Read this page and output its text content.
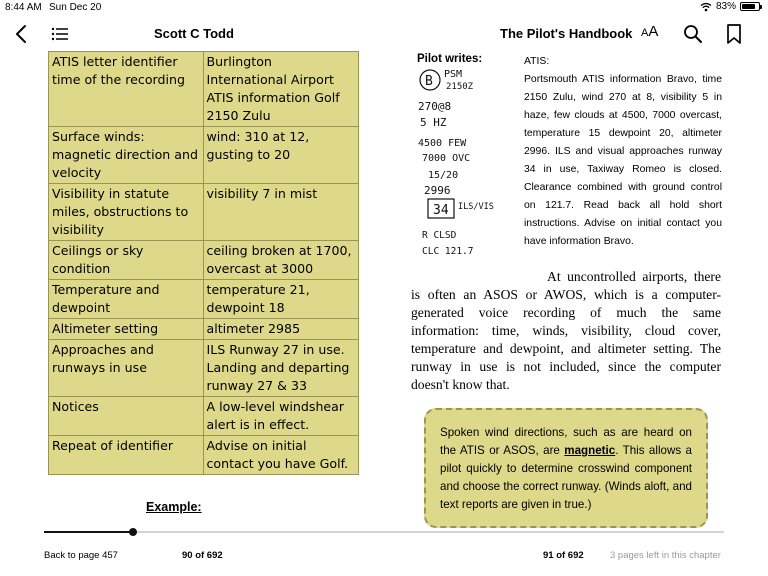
8:44 AM Sun Dec 20	83%
Scott C Todd	The Pilot's Handbook AA
ATIS letter identifier time of the recording	Burlington International Airport
ATIS information Golf
2150 Zulu
Surface winds: magnetic direction and velocity	wind: 310 at 12, gusting to 20
Visibility in statute miles, obstructions to visibility	visibility 7 in mist
Ceilings or sky condition	ceiling broken at 1700, overcast at 3000
Temperature and dewpoint	temperature 21, dewpoint 18
Altimeter setting	altimeter 2985
Approaches and runways in use	ILS Runway 27 in use. Landing and departing runway 27 & 33
Notices	A low-level windshear alert is in effect.
Repeat of identifier	Advise on initial contact you have Golf.
Example:
Pilot writes:
B PSM
2150Z
270@8
5 HZ
4500 FEW
7000 OVC
15/20
2996
34 ILS/VIS
R CLSD
CLC 121.7
ATIS:
Portsmouth ATIS information Bravo, time 2150 Zulu, wind 270 at 8, visibility 5 in haze, few clouds at 4500, 7000 overcast, temperature 15 dewpoint 20, altimeter 2996. ILS and visual approaches runway 34 in use, Taxiway Romeo is closed. Clearance combined with ground control on 121.7. Read back all hold short instructions. Advise on initial contact you have information Bravo.
At uncontrolled airports, there is often an ASOS or AWOS, which is a computer-generated voice recording of much the same information: time, winds, visibility, cloud cover, temperature and dewpoint, and altimeter setting. The runway in use is not included, since the computer doesn't know that.
Spoken wind directions, such as are heard on the ATIS or ASOS, are magnetic. This allows a pilot quickly to determine crosswind component and choose the correct runway. (Winds aloft, and text reports are given in true.)
Back to page 457	90 of 692	91 of 692	3 pages left in this chapter
